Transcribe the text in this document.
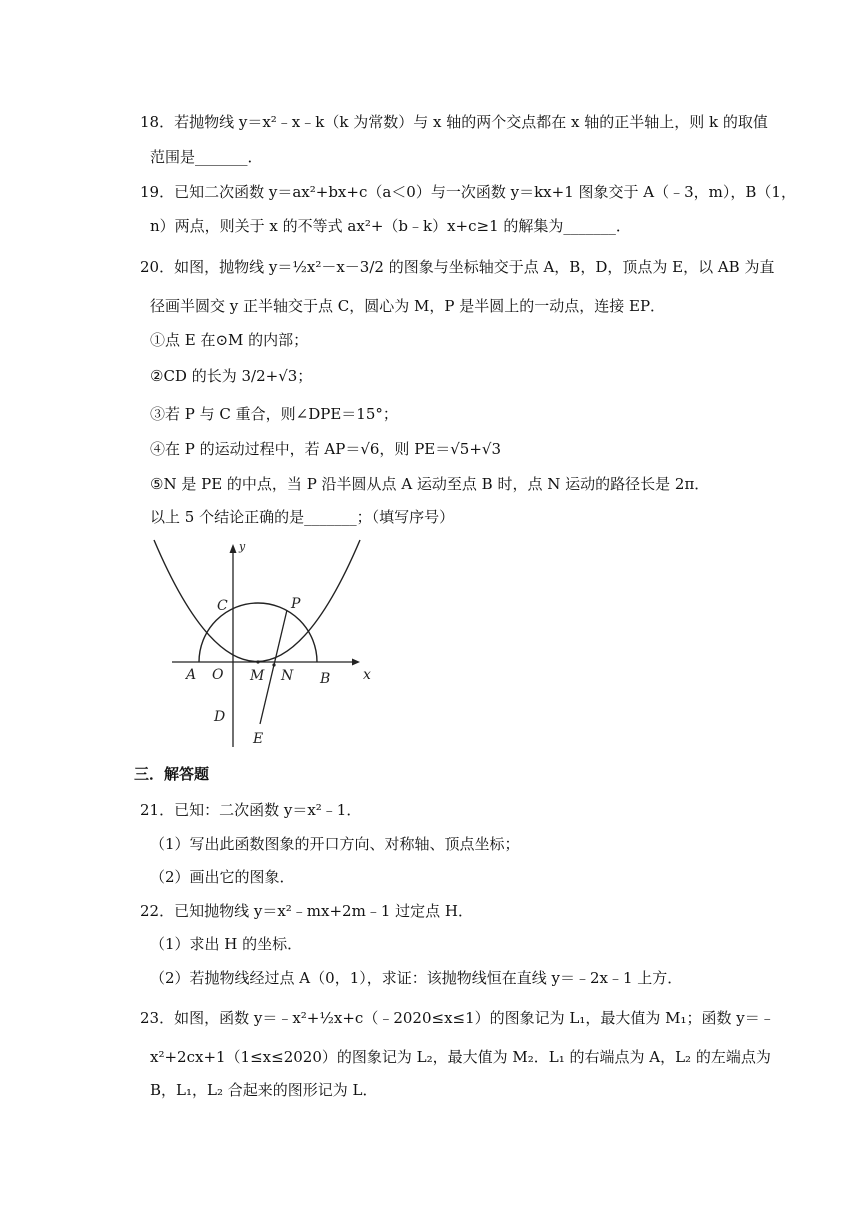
18．若抛物线 y＝x²﹣x﹣k（k 为常数）与 x 轴的两个交点都在 x 轴的正半轴上，则 k 的取值
范围是_______．
19．已知二次函数 y＝ax²+bx+c（a＜0）与一次函数 y＝kx+1 图象交于 A（﹣3，m），B（1，
n）两点，则关于 x 的不等式 ax²+（b﹣k）x+c≥1 的解集为_______．
20．如图，抛物线 y＝½x²－x－3/2 的图象与坐标轴交于点 A，B，D，顶点为 E，以 AB 为直
径画半圆交 y 正半轴交于点 C，圆心为 M，P 是半圆上的一动点，连接 EP．
①点 E 在⊙M 的内部；
②CD 的长为 3/2+√3；
③若 P 与 C 重合，则∠DPE＝15°；
④在 P 的运动过程中，若 AP＝√6，则 PE＝√5+√3
⑤N 是 PE 的中点，当 P 沿半圆从点 A 运动至点 B 时，点 N 运动的路径长是 2π．
以上 5 个结论正确的是_______；（填写序号）
y
x
C	P
A O M N B
D
E
三．解答题
21．已知：二次函数 y＝x²﹣1．
（1）写出此函数图象的开口方向、对称轴、顶点坐标；
（2）画出它的图象．
22．已知抛物线 y＝x²﹣mx+2m﹣1 过定点 H．
（1）求出 H 的坐标．
（2）若抛物线经过点 A（0，1），求证：该抛物线恒在直线 y＝﹣2x﹣1 上方．
23．如图，函数 y＝﹣x²+½x+c（﹣2020≤x≤1）的图象记为 L₁，最大值为 M₁；函数 y＝﹣
x²+2cx+1（1≤x≤2020）的图象记为 L₂，最大值为 M₂．L₁ 的右端点为 A，L₂ 的左端点为
B，L₁，L₂ 合起来的图形记为 L．
